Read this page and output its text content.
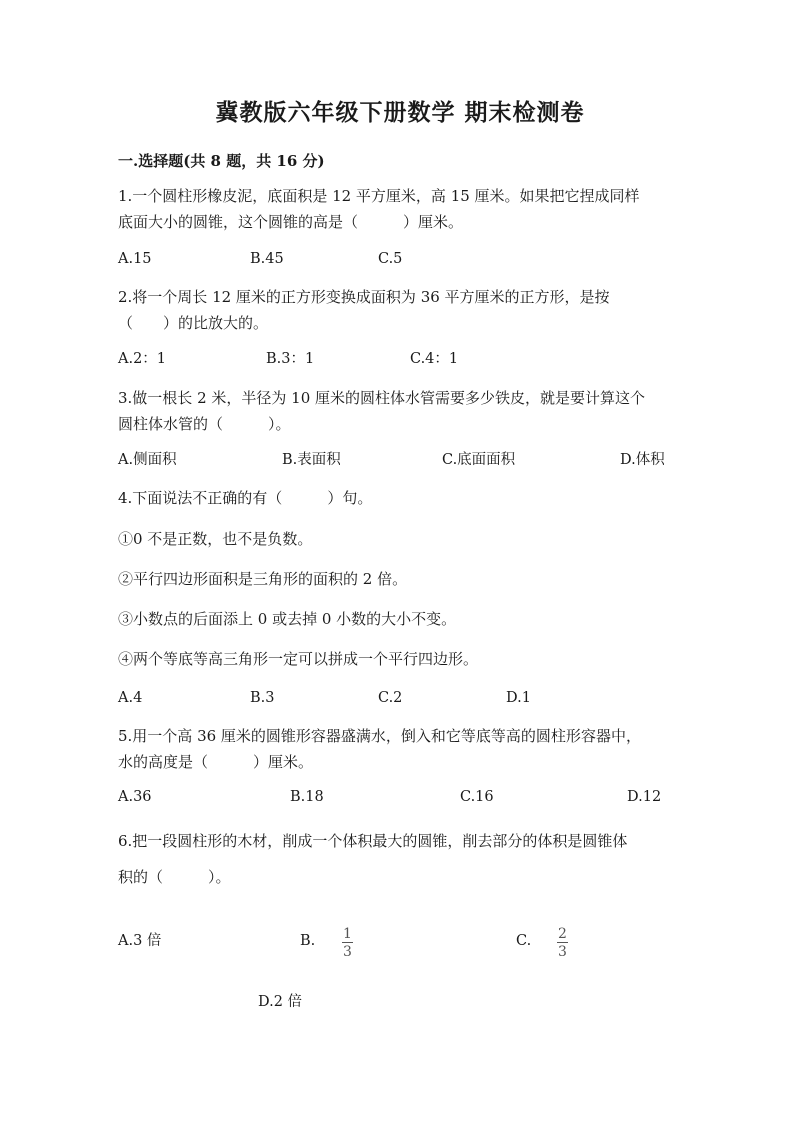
冀教版六年级下册数学 期末检测卷
一.选择题(共 8 题，共 16 分)
1.一个圆柱形橡皮泥，底面积是 12 平方厘米，高 15 厘米。如果把它捏成同样
底面大小的圆锥，这个圆锥的高是（　　　）厘米。
A.15	B.45	C.5
2.将一个周长 12 厘米的正方形变换成面积为 36 平方厘米的正方形，是按
（　　）的比放大的。
A.2：1	B.3：1	C.4：1
3.做一根长 2 米，半径为 10 厘米的圆柱体水管需要多少铁皮，就是要计算这个
圆柱体水管的（　　　）。
A.侧面积	B.表面积	C.底面面积	D.体积
4.下面说法不正确的有（　　　）句。
①0 不是正数，也不是负数。
②平行四边形面积是三角形的面积的 2 倍。
③小数点的后面添上 0 或去掉 0 小数的大小不变。
④两个等底等高三角形一定可以拼成一个平行四边形。
A.4	B.3	C.2	D.1
5.用一个高 36 厘米的圆锥形容器盛满水，倒入和它等底等高的圆柱形容器中，
水的高度是（　　　）厘米。
A.36	B.18	C.16	D.12
6.把一段圆柱形的木材，削成一个体积最大的圆锥，削去部分的体积是圆锥体
积的（　　　）。
A.3 倍	B. 1
3
C. 2
3
D.2 倍
